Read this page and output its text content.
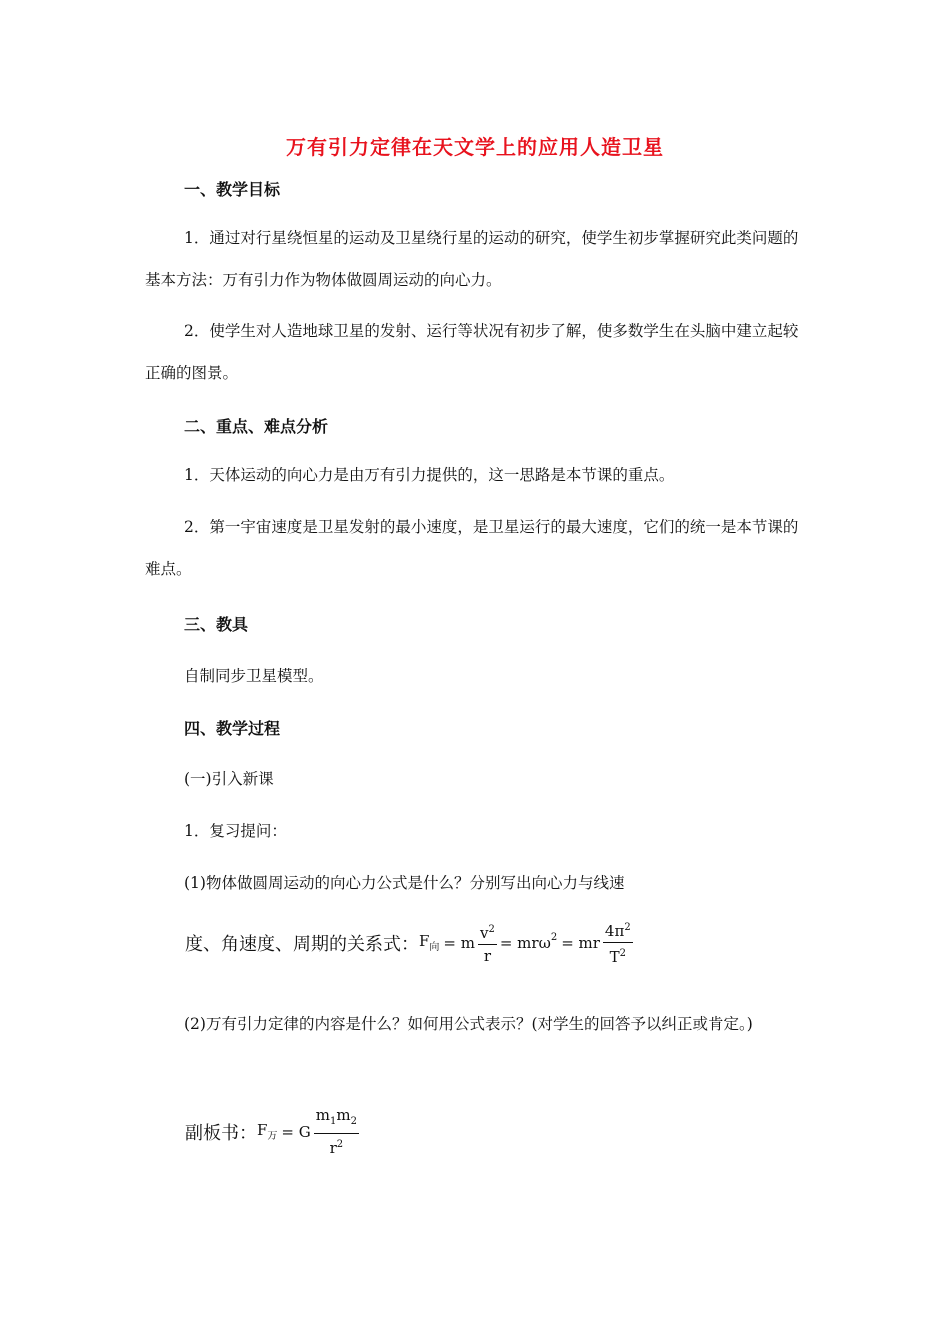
万有引力定律在天文学上的应用人造卫星
一、教学目标
1．通过对行星绕恒星的运动及卫星绕行星的运动的研究，使学生初步掌握研究此类问题的基本方法：万有引力作为物体做圆周运动的向心力。
2．使学生对人造地球卫星的发射、运行等状况有初步了解，使多数学生在头脑中建立起较正确的图景。
二、重点、难点分析
1．天体运动的向心力是由万有引力提供的，这一思路是本节课的重点。
2．第一宇宙速度是卫星发射的最小速度，是卫星运行的最大速度，它们的统一是本节课的难点。
三、教具
自制同步卫星模型。
四、教学过程
(一)引入新课
1．复习提问：
(1)物体做圆周运动的向心力公式是什么？分别写出向心力与线速
度、角速度、周期的关系式： $F_向 = m \frac{v^2}{r} = mr\omega^2$ = mr $\frac{4\pi^2}{T^2}$
(2)万有引力定律的内容是什么？如何用公式表示？(对学生的回答予以纠正或肯定。)
副板书： $F_万 = G \frac{m_1m_2}{r^2}$
